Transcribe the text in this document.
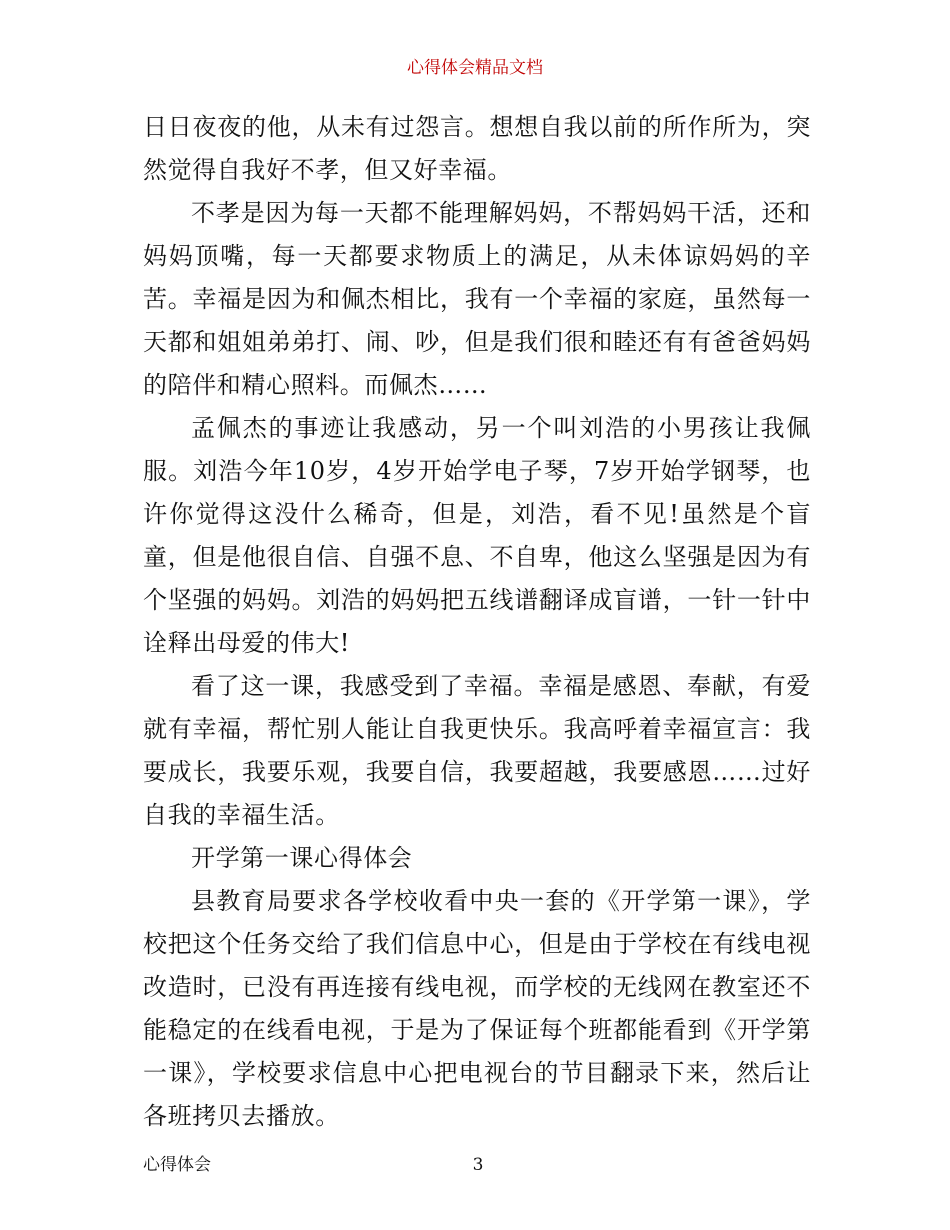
心得体会精品文档

日日夜夜的他，从未有过怨言。想想自我以前的所作所为，突然觉得自我好不孝，但又好幸福。

不孝是因为每一天都不能理解妈妈，不帮妈妈干活，还和妈妈顶嘴，每一天都要求物质上的满足，从未体谅妈妈的辛苦。幸福是因为和佩杰相比，我有一个幸福的家庭，虽然每一天都和姐姐弟弟打、闹、吵，但是我们很和睦还有有爸爸妈妈的陪伴和精心照料。而佩杰……

孟佩杰的事迹让我感动，另一个叫刘浩的小男孩让我佩服。刘浩今年10岁，4岁开始学电子琴，7岁开始学钢琴，也许你觉得这没什么稀奇，但是，刘浩，看不见!虽然是个盲童，但是他很自信、自强不息、不自卑，他这么坚强是因为有个坚强的妈妈。刘浩的妈妈把五线谱翻译成盲谱，一针一针中诠释出母爱的伟大!

看了这一课，我感受到了幸福。幸福是感恩、奉献，有爱就有幸福，帮忙别人能让自我更快乐。我高呼着幸福宣言：我要成长，我要乐观，我要自信，我要超越，我要感恩……过好自我的幸福生活。

开学第一课心得体会

县教育局要求各学校收看中央一套的《开学第一课》，学校把这个任务交给了我们信息中心，但是由于学校在有线电视改造时，已没有再连接有线电视，而学校的无线网在教室还不能稳定的在线看电视，于是为了保证每个班都能看到《开学第一课》，学校要求信息中心把电视台的节目翻录下来，然后让各班拷贝去播放。

心得体会	3
